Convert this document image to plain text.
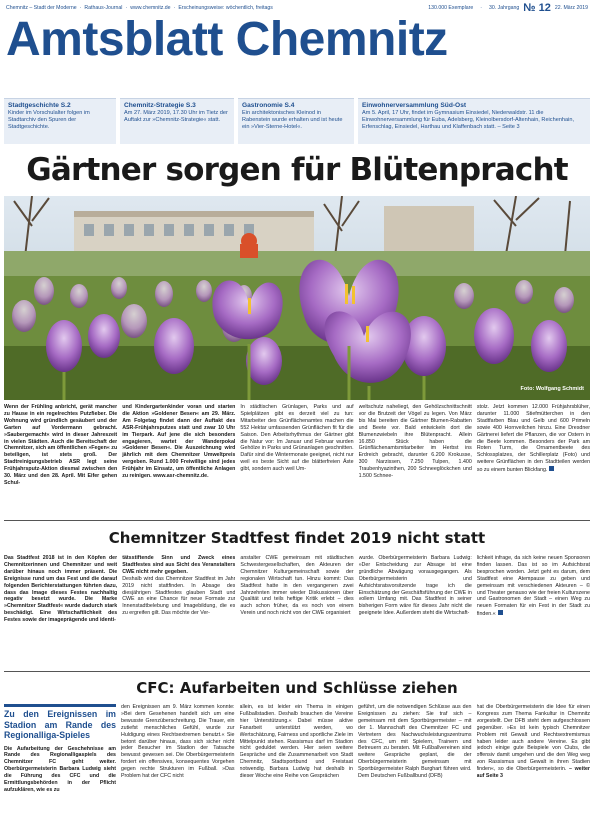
Chemnitz – Stadt der Moderne · Rathaus-Journal · www.chemnitz.de · Erscheinungsweise: wöchentlich, freitags	130.000 Exemplare · 30. Jahrgang № 12 22. März 2019
Amtsblatt Chemnitz
Stadtgeschichte S.2
Kinder im Vorschulalter folgen im Stadtarchiv den Spuren der Stadtgeschichte.
Chemnitz-Strategie S.3
Am 27. März 2019, 17.30 Uhr im Tietz der Auftakt zur »Chemnitz-Strategie« statt.
Gastronomie S.4
Ein architektonisches Kleinod in Rabenstein wurde erhalten und ist heute ein »Vier-Sterne-Hotel«.
Einwohnerversammlung Süd-Ost
Am 5. April, 17 Uhr, findet im Gymnasium Einsiedel, Niederwaldstr. 11 die Einwohnerversammlung für Euba, Adelsberg, Kleinolbersdorf-Altenhain, Reichenhain, Erfenschlag, Einsiedel, Harthau und Klaffenbach statt. – Seite 3
Gärtner sorgen für Blütenpracht
Foto: Wolfgang Schmidt
Wenn der Frühling anbricht, gerät mancher zu Hause in ein regelrechtes Putzfieber. Die Wohnung wird gründlich gesäubert und der Garten auf Vordermann gebracht. »Saubergemacht« wird in dieser Jahreszeit in vielen Städten. Auch die Bereitschaft der Chemnitzer, sich am öffentlichen »Fegen« zu beteiligen, ist stets groß. Der Stadtreinigungsbetrieb ASR legt seine Frühjahrsputz-Aktion diesmal zwischen den 30. März und den 28. April. Mit Eifer gehen Schul-
und Kindergartenkinder voran und starten die Aktion »Goldener Besen« am 29. März. Am Folgetag findet dann der Auftakt des ASR-Frühjahrsputzes statt und zwar 10 Uhr im Tierpark. Auf jene die sich besonders engagieren, wartet der Wanderpokal »Goldener Besen«. Die Auszeichnung wird jährlich mit dem Chemnitzer Umweltpreis vergeben. Rund 1.000 Freiwillige sind jedes Frühjahr im Einsatz, um öffentliche Anlagen zu reinigen. www.asr-chemnitz.de.
In städtischen Grünlagen, Parks und auf Spielplätzen gibt es derzeit viel zu tun: Mitarbeiter des Grünflächenamtes machen die 552 Hektar umfassenden Grünflächen fit für die Saison. Den Arbeitsrhythmus der Gärtner gibt die Natur vor: Im Januar und Februar wurden Gehölze in Parks und Grünanlagen geschnitten. Dafür sind die Wintermonate geeignet, nicht nur weil es beste Sicht auf die blätterfreien Äste gibt, sondern auch weil Um-
weltschutz naheliegt, den Gehölzschnittschnitt vor die Brutzeit der Vögel zu legen. Von März bis Mai bereiten die Gärtner Blumen-Rabatten und Beete vor. Bald entwickeln dort die Blumenzwiebeln ihre Blütenpracht. Allein 16.850 Stück haben die Grünflächenamtsmitarbeiter im Herbst ins Erdreich gebracht, darunter 6.200 Krokusse, 300 Narzissen, 7.250 Tulpen, 1.400 Traubenhyazinthen, 200 Schneeglöckchen und 1.500 Schnee-
stolz. Jetzt kommen 12.000 Frühjahrsblüher, darunter 11.000 Stiefmütterchen in den Stadtfarben Blau und Gelb und 600 Primeln sowie 400 Hornveilchen hinzu. Eine Dresdner Gärtnerei liefert die Pflanzen, die vor Ostern in die Beete kommen. Besonders der Park am Roten Turm, die Ornamentbeete des Schlossplatzes, der Schillerplatz (Foto) und weitere Grünflächen in den Stadtteilen werden so zu einem bunten Blickfang.
Chemnitzer Stadtfest findet 2019 nicht statt
Das Stadtfest 2018 ist in den Köpfen der Chemnitzerinnen und Chemnitzer und weit darüber hinaus noch immer präsent. Die Ereignisse rund um das Fest und die darauf folgenden Berichterstattungen führten dazu, dass das Image dieses Festes nachhaltig negativ besetzt wurde. Die Marke »Chemnitzer Stadtfest« wurde dadurch stark beschädigt. Eine Wirtschaftlichkeit des Festes sowie der imageprägende und identi-
tätsstiftende Sinn und Zweck eines Stadtfestes sind aus Sicht des Veranstalters CWE nicht mehr gegeben.
Deshalb wird das Chemnitzer Stadtfest im Jahr 2019 nicht stattfinden. In Absage des diesjährigen Stadtfestes glauben Stadt und CWE an eine Chance für neue Formate zur Innenstadtbelebung und Imagebildung, die es zu ergreifen gilt. Das möchte der Ver-
anstalter CWE gemeinsam mit städtischen Schwestergesellschaften, den Akteuren der Chemnitzer Kulturgemeinschaft sowie der regionalen Wirtschaft tun. Hinzu kommt: Das Stadtfest hatte in den vergangenen zwei Jahrzehnten immer wieder Diskussionen über Qualität und teils heftige Kritik erlebt – dies auch schon früher, da es noch von einem Verein und noch nicht von der CWE organisiert
wurde. Oberbürgermeisterin Barbara Ludwig: »Der Entscheidung zur Absage ist eine gründliche Abwägung vorausgegangen. Als Oberbürgermeisterin und Aufsichtsratsvorsitzende trage ich die Einschätzung der Geschäftsführung der CWE in vollem Umfang mit. Das Stadtfest in seiner bisherigen Form wäre für dieses Jahr nicht die geeignete Idee. Außerdem steht die Wirtschaft-
lichkeit infrage, da sich keine neuen Sponsoren finden lassen. Das ist so im Aufsichtsrat besprochen worden. Jetzt geht es darum, dem Stadtfest eine Atempause zu geben und gemeinsam mit verschiedenen Akteuren – © und Theater genauso wie der freien Kulturszene und Gastronomen der Stadt – einen Weg zu neuen Formaten für ein Fest in der Stadt zu finden.«
CFC: Aufarbeiten und Schlüsse ziehen
Zu den Ereignissen im Stadion am Rande des Regionalliga-Spieles
Die Aufarbeitung der Geschehnisse am Rande des Regionalligaspiels des Chemnitzer FC geht weiter. Oberbürgermeisterin Barbara Ludwig sieht die Führung des CFC und die Ermittlungsbehörden in der Pflicht aufzuklären, wie es zu
den Ereignissen am 9. März kommen konnte: »Bei dem Gesehenen handelt sich um eine bewusste Grenzüberschreitung. Die Trauer, ein zutiefst menschliches Gefühl, wurde zur Huldigung eines Rechtsextremen benutzt.« Sie betont darüber hinaus, dass sich sicher nicht jeder Besucher im Stadion der Tatsache bewusst gewesen sei. Die Oberbürgermeisterin fordert ein offensives, konsequentes Vorgehen gegen rechte Strukturen im Fußball. »Das Problem hat der CFC nicht
allein, es ist leider ein Thema in einigen Fußballstadien. Deshalb brauchen die Vereine hier Unterstützung.« Dabei müsse aktive Fanarbeit unterstützt werden, wo Wertschätzung, Fairness und sportliche Ziele im Mittelpunkt stehen. Rassismus darf im Stadion nicht geduldet werden. Hier seien weitere Gespräche und die Zusammenarbeit von Stadt Chemnitz, Stadtsportbund und Freistaat notwendig. Barbara Ludwig hat deshalb in dieser Woche eine Reihe von Gesprächen
geführt, um die notwendigen Schlüsse aus den Ereignissen zu ziehen: Sie traf sich – gemeinsam mit dem Sportbürgermeister – mit der 1. Mannschaft des Chemnitzer FC und Vertretern des Nachwuchsleistungszentrums des CFC, um mit Spielern, Trainern und Betreuern zu beraten. Mit Fußballvereinen sind weitere Gespräche geplant, die der Oberbürgermeisterin gemeinsam mit Sportbürgermeister Ralph Burghart führen wird. Dem Deutschen Fußballbund (DFB)
hat die Oberbürgermeisterin die Idee für einen Kongress zum Thema Fankultur in Chemnitz vorgestellt. Der DFB steht dem aufgeschlossen gegenüber. »Es ist kein typisch Chemnitzer Problem mit Gewalt und Rechtsextremismus haben leider auch andere Vereine. Es gibt jedoch einige gute Beispiele von Clubs, die offensiv damit umgehen und die den Weg weg von Rassismus und Gewalt in ihren Stadien finden«, so die Oberbürgermeisterin. – weiter auf Seite 3
